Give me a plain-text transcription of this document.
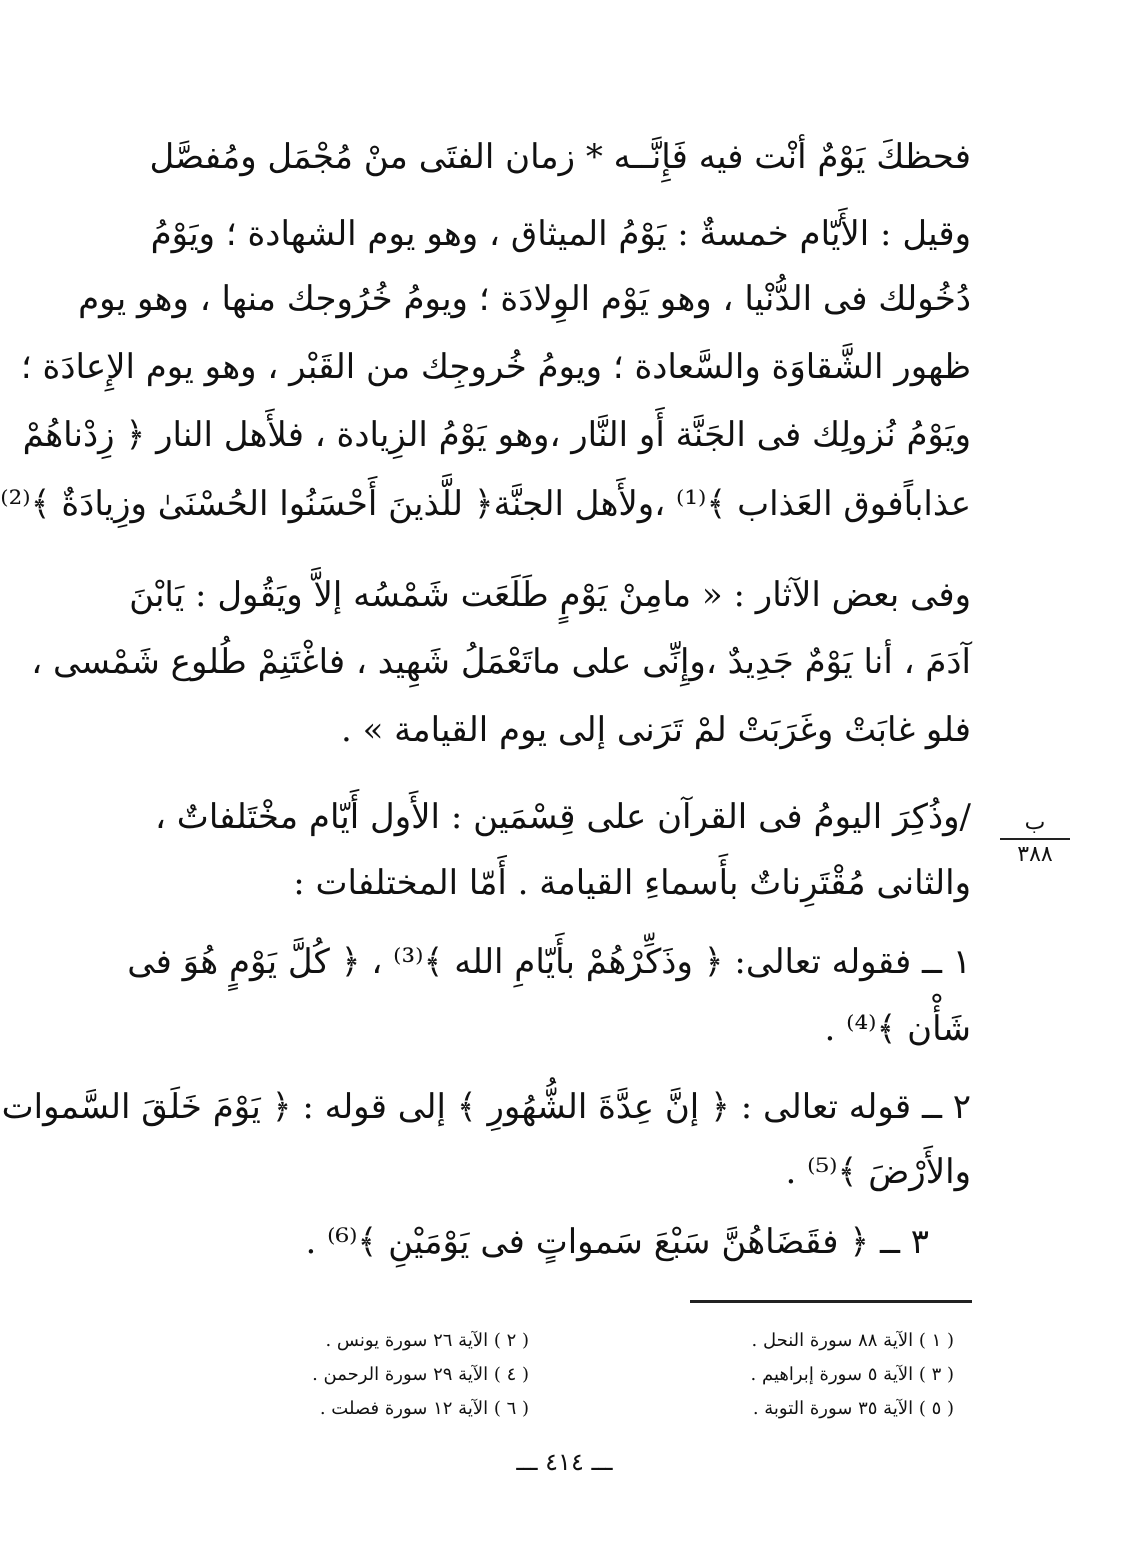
فحظكَ يَوْمٌ أنْت فيه فَإِنَّــه * زمان الفتَى منْ مُجْمَل ومُفصَّل
وقيل : الأَيّام خمسةٌ : يَوْمُ الميثاق ، وهو يوم الشهادة ؛ ويَوْمُ
دُخُولك فى الدُّنْيا ، وهو يَوْم الوِلادَة ؛ ويومُ خُرُوجك منها ، وهو يوم
ظهور الشَّقاوَة والسَّعادة ؛ ويومُ خُروجِك من القَبْر ، وهو يوم الإِعادَة ؛
ويَوْمُ نُزولِك فى الجَنَّة أَو النَّار ،وهو يَوْمُ الزِيادة ، فلأَهل النار ﴿ زِدْناهُمْ
عذاباًفوق العَذاب ﴾⁽¹⁾ ،ولأَهل الجنَّة﴿ للَّذينَ أَحْسَنُوا الحُسْنَىٰ وزِيادَةٌ ﴾⁽²⁾
وفى بعض الآثار : « مامِنْ يَوْمٍ طَلَعَت شَمْسُه إلاَّ ويَقُول : يَابْنَ
آدَمَ ، أنا يَوْمٌ جَدِيدٌ ،وإِنِّى على ماتَعْمَلُ شَهِيد ، فاغْتَنِمْ طُلوع شَمْسى ،
فلو غابَتْ وغَرَبَتْ لمْ تَرَنى إلى يوم القيامة » .
/وذُكِرَ اليومُ فى القرآن على قِسْمَين : الأَول أَيّام مخْتَلفاتٌ ،
والثانى مُقْتَرِناتٌ بأَسماءِ القيامة . أَمّا المختلفات :
١ ــ فقوله تعالى: ﴿ وذَكِّرْهُمْ بأَيّامِ الله ﴾⁽³⁾ ، ﴿ كُلَّ يَوْمٍ هُوَ فى
شَأْن ﴾⁽⁴⁾ .
٢ ــ قوله تعالى : ﴿ إنَّ عِدَّةَ الشُّهُورِ ﴾ إلى قوله : ﴿ يَوْمَ خَلَقَ السَّموات
والأَرْضَ ﴾⁽⁵⁾ .
٣ ــ ﴿ فقَضَاهُنَّ سَبْعَ سَمواتٍ فى يَوْمَيْنِ ﴾⁽⁶⁾ .
ب
٣٨٨
( ١ ) الآية ٨٨ سورة النحل .
( ٣ ) الآية ٥ سورة إبراهيم .
( ٥ ) الآية ٣٥ سورة التوبة .
( ٢ ) الآية ٢٦ سورة يونس .
( ٤ ) الآية ٢٩ سورة الرحمن .
( ٦ ) الآية ١٢ سورة فصلت .
ـــ ٤١٤ ـــ
